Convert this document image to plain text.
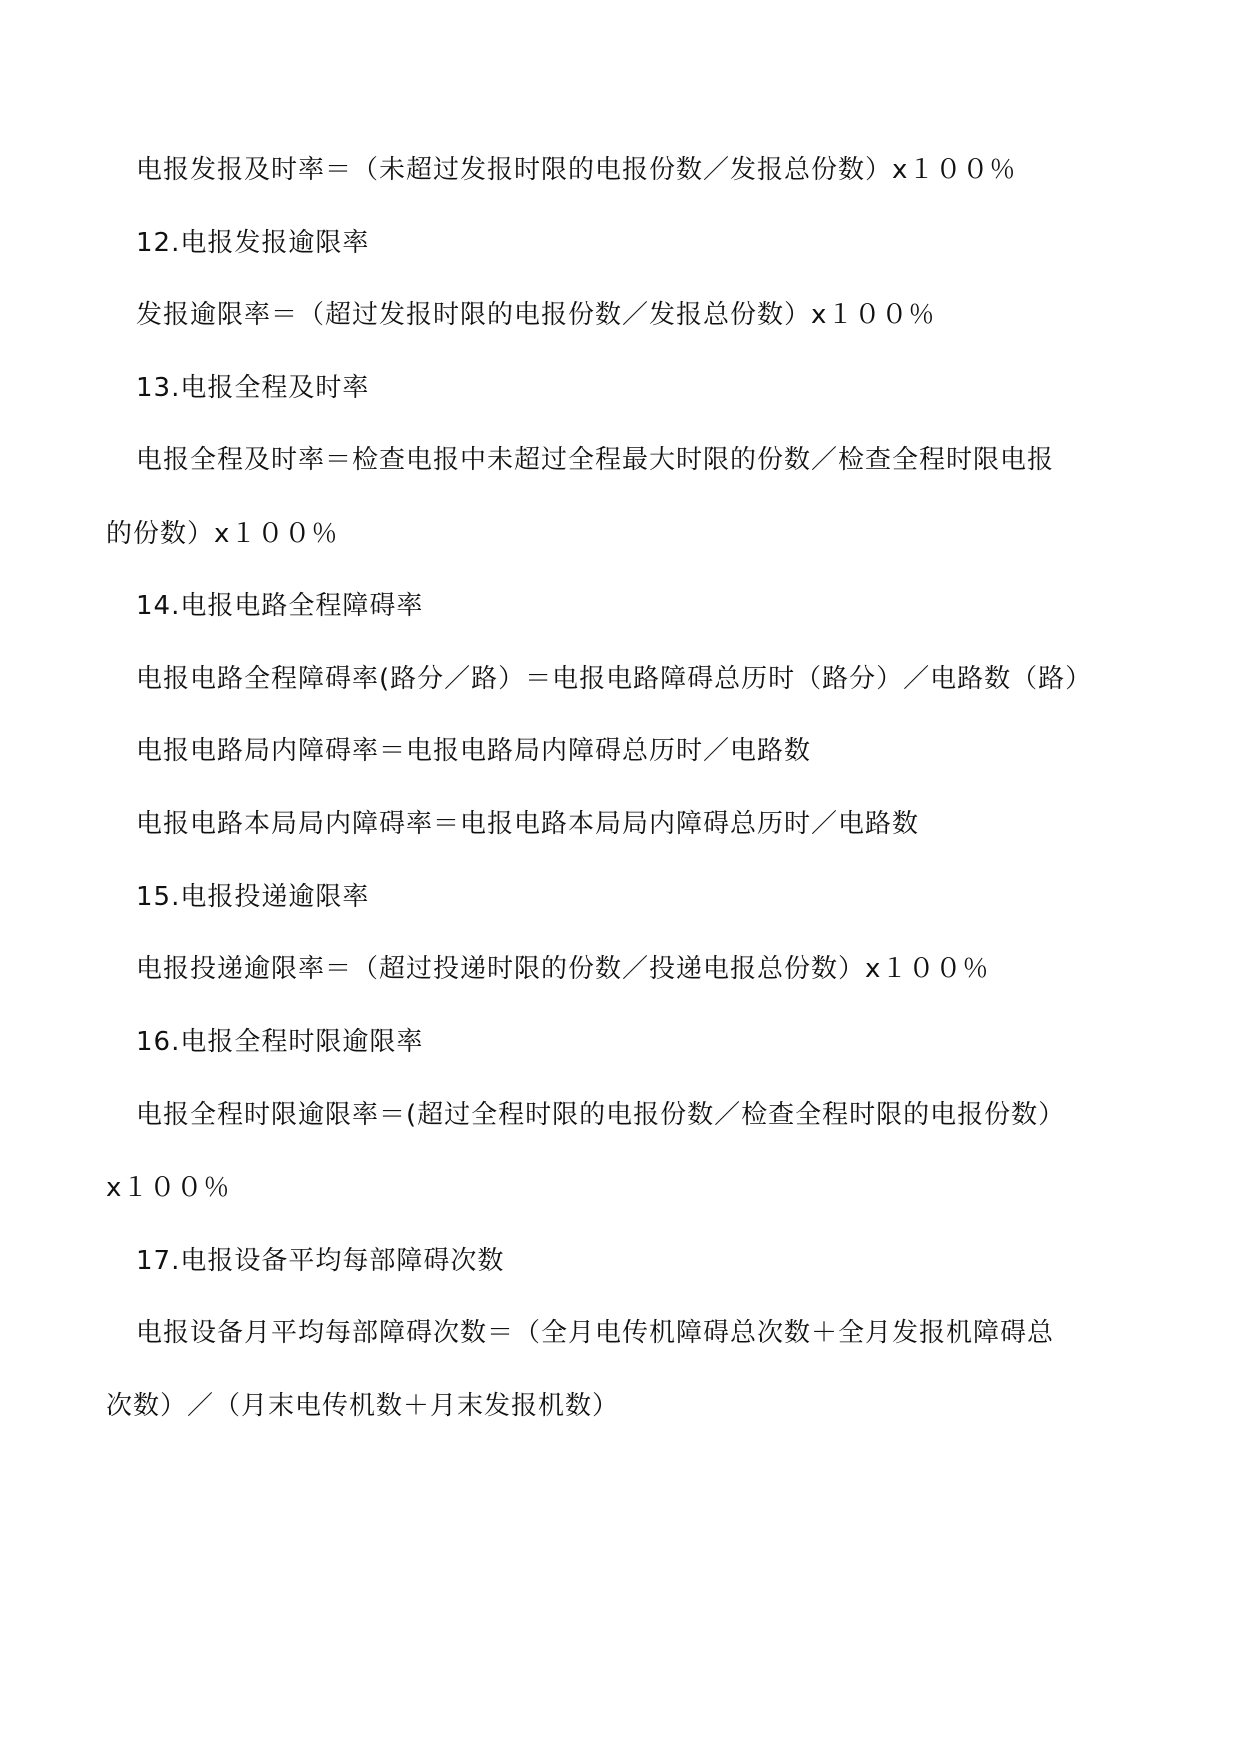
电报发报及时率＝（未超过发报时限的电报份数／发报总份数）x１００％
12.电报发报逾限率
发报逾限率＝（超过发报时限的电报份数／发报总份数）x１００％
13.电报全程及时率
电报全程及时率＝检查电报中未超过全程最大时限的份数／检查全程时限电报
的份数）x１００％
14.电报电路全程障碍率
电报电路全程障碍率(路分／路）＝电报电路障碍总历时（路分）／电路数（路）
电报电路局内障碍率＝电报电路局内障碍总历时／电路数
电报电路本局局内障碍率＝电报电路本局局内障碍总历时／电路数
15.电报投递逾限率
电报投递逾限率＝（超过投递时限的份数／投递电报总份数）x１００％
16.电报全程时限逾限率
电报全程时限逾限率＝(超过全程时限的电报份数／检查全程时限的电报份数）
x１００％
17.电报设备平均每部障碍次数
电报设备月平均每部障碍次数＝（全月电传机障碍总次数＋全月发报机障碍总
次数）／（月末电传机数＋月末发报机数）
